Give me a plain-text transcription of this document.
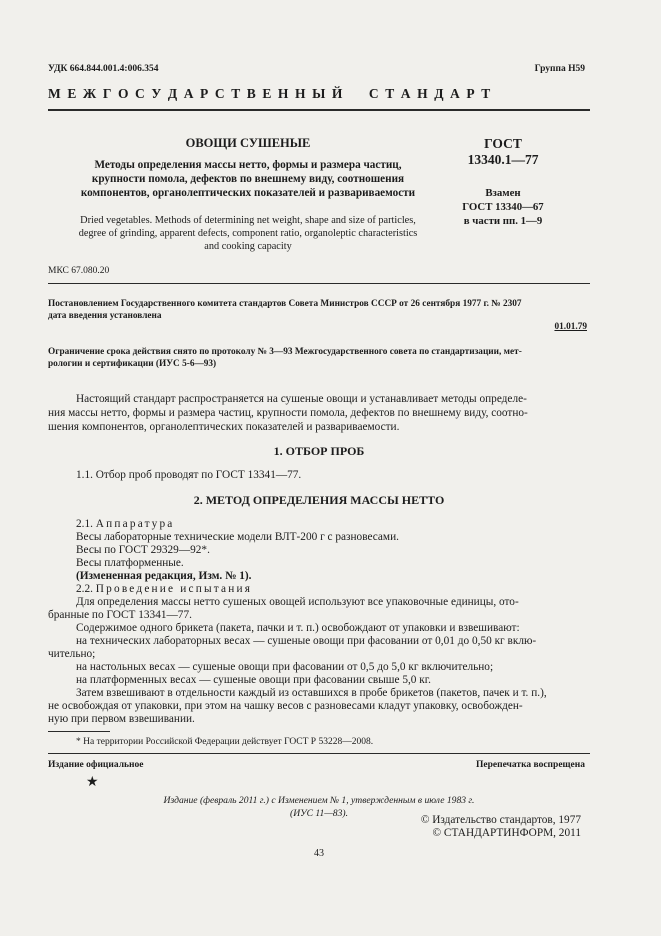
УДК 664.844.001.4:006.354	Группа Н59
М Е Ж Г О С У Д А Р С Т В Е Н Н Ы Й     С Т А Н Д А Р Т
ОВОЩИ СУШЕНЫЕ
Методы определения массы нетто, формы и размера частиц,
крупности помола, дефектов по внешнему виду, соотношения
компонентов, органолептических показателей и развариваемости
Dried vegetables. Methods of determining net weight, shape and size of particles,
degree of grinding, apparent defects, component ratio, organoleptic characteristics
and cooking capacity
ГОСТ
13340.1—77
Взамен
ГОСТ 13340—67
в части пп. 1—9
МКС 67.080.20
Постановлением Государственного комитета стандартов Совета Министров СССР от 26 сентября 1977 г. № 2307
дата введения установлена
01.01.79
Ограничение срока действия снято по протоколу № 3—93 Межгосударственного совета по стандартизации, мет-
рологии и сертификации (ИУС 5-6—93)
Настоящий стандарт распространяется на сушеные овощи и устанавливает методы определе-
ния массы нетто, формы и размера частиц, крупности помола, дефектов по внешнему виду, соотно-
шения компонентов, органолептических показателей и развариваемости.
1. ОТБОР ПРОБ
1.1. Отбор проб проводят по ГОСТ 13341—77.
2. МЕТОД ОПРЕДЕЛЕНИЯ МАССЫ НЕТТО
2.1. Аппаратура
Весы лабораторные технические модели ВЛТ-200 г с разновесами.
Весы по ГОСТ 29329—92*.
Весы платформенные.
(Измененная редакция, Изм. № 1).
2.2. Проведение испытания
Для определения массы нетто сушеных овощей используют все упаковочные единицы, ото-
бранные по ГОСТ 13341—77.
Содержимое одного брикета (пакета, пачки и т. п.) освобождают от упаковки и взвешивают:
на технических лабораторных весах — сушеные овощи при фасовании от 0,01 до 0,50 кг вклю-
чительно;
на настольных весах — сушеные овощи при фасовании от 0,5 до 5,0 кг включительно;
на платформенных весах — сушеные овощи при фасовании свыше 5,0 кг.
Затем взвешивают в отдельности каждый из оставшихся в пробе брикетов (пакетов, пачек и т. п.),
не освобождая от упаковки, при этом на чашку весов с разновесами кладут упаковку, освобожден-
ную при первом взвешивании.
* На территории Российской Федерации действует ГОСТ Р 53228—2008.
Издание официальное	Перепечатка воспрещена
★
Издание (февраль 2011 г.) с Изменением № 1, утвержденным в июле 1983 г.
(ИУС 11—83).
© Издательство стандартов, 1977
© СТАНДАРТИНФОРМ, 2011
43
